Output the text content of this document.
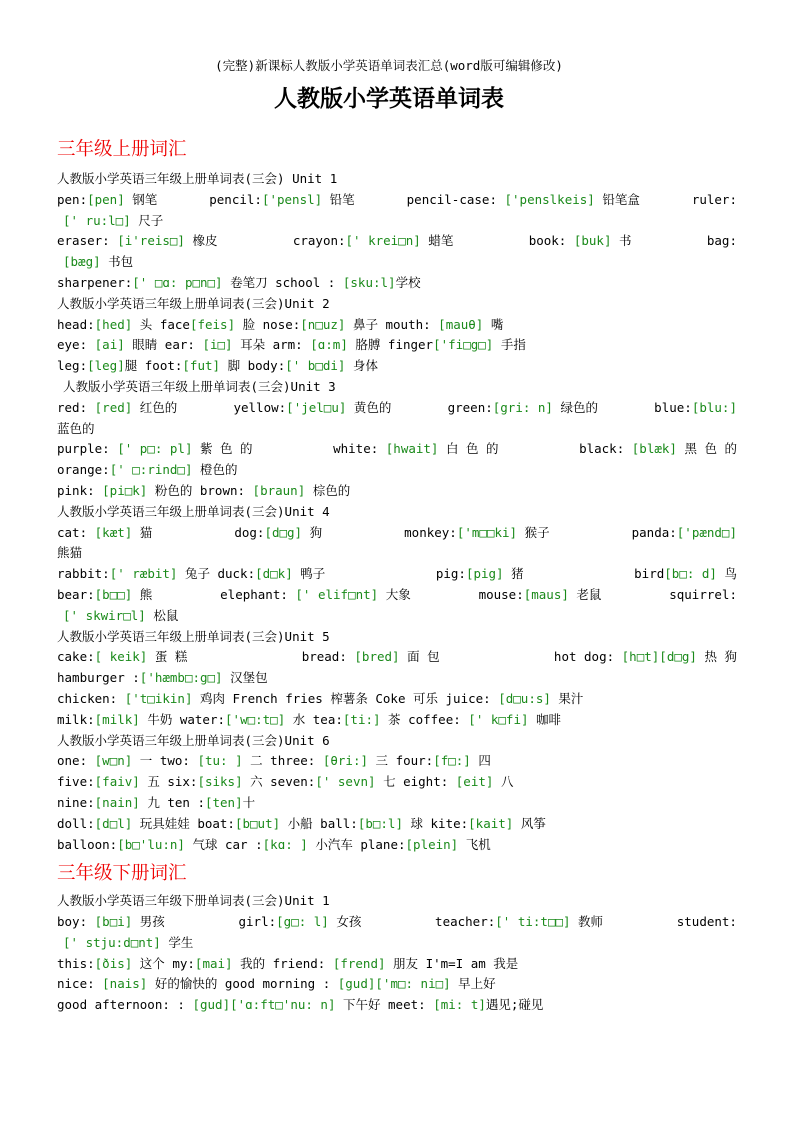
(完整)新课标人教版小学英语单词表汇总(word版可编辑修改)
人教版小学英语单词表
三年级上册词汇
人教版小学英语三年级上册单词表(三会) Unit 1
pen:[pen] 钢笔	pencil:['pensl] 铅笔	pencil-case: ['penslkeis] 铅笔盒	ruler:
[' ru:l□] 尺子
eraser: [i'reis□] 橡皮	crayon:[' krei□n] 蜡笔	book: [buk] 书	bag:
[bæg] 书包
sharpener:[' □ɑ: p□n□] 卷笔刀 school : [sku:l]学校
人教版小学英语三年级上册单词表(三会)Unit 2
head:[hed] 头 face[feis] 脸 nose:[n□uz] 鼻子 mouth: [mauθ] 嘴
eye: [ai] 眼睛 ear: [i□] 耳朵 arm: [ɑ:m] 胳膊 finger['fi□g□] 手指
leg:[leg]腿 foot:[fut] 脚 body:[' b□di] 身体
人教版小学英语三年级上册单词表(三会)Unit 3
red: [red] 红色的	yellow:['jel□u] 黄色的	green:[gri: n] 绿色的	blue:[blu:]
蓝色的
purple: [' p□: pl] 紫 色 的	white: [hwait] 白 色 的	black: [blæk] 黑 色 的
orange:[' □:rind□] 橙色的
pink: [pi□k] 粉色的 brown: [braun] 棕色的
人教版小学英语三年级上册单词表(三会)Unit 4
cat: [kæt] 猫	dog:[d□g] 狗	monkey:['m□□ki] 猴子	panda:['pænd□]
熊猫
rabbit:[' ræbit] 兔子 duck:[d□k] 鸭子	pig:[pig] 猪	bird[b□: d] 鸟
bear:[b□□] 熊	elephant: [' elif□nt] 大象	mouse:[maus] 老鼠	squirrel:
[' skwir□l] 松鼠
人教版小学英语三年级上册单词表(三会)Unit 5
cake:[ keik] 蛋 糕	bread: [bred] 面 包	hot dog: [h□t][d□g] 热 狗
hamburger :['hæmb□:g□] 汉堡包
chicken: ['t□ikin] 鸡肉 French fries 榨薯条 Coke 可乐 juice: [d□u:s] 果汁
milk:[milk] 牛奶 water:['w□:t□] 水 tea:[ti:] 茶 coffee: [' k□fi] 咖啡
人教版小学英语三年级上册单词表(三会)Unit 6
one: [w□n] 一 two: [tu: ] 二 three: [θri:] 三 four:[f□:] 四
five:[faiv] 五 six:[siks] 六 seven:[' sevn] 七 eight: [eit] 八
nine:[nain] 九 ten :[ten]十
doll:[d□l] 玩具娃娃 boat:[b□ut] 小船 ball:[b□:l] 球 kite:[kait] 风筝
balloon:[b□'lu:n] 气球 car :[kɑ: ] 小汽车 plane:[plein] 飞机
三年级下册词汇
人教版小学英语三年级下册单词表(三会)Unit 1
boy: [b□i] 男孩	girl:[g□: l] 女孩	teacher:[' ti:t□□] 教师	student:
[' stju:d□nt] 学生
this:[ðis] 这个 my:[mai] 我的 friend: [frend] 朋友 I'm=I am 我是
nice: [nais] 好的愉快的 good morning : [gud]['m□: ni□] 早上好
good afternoon: : [gud]['ɑ:ft□'nu: n] 下午好 meet: [mi: t]遇见;碰见
